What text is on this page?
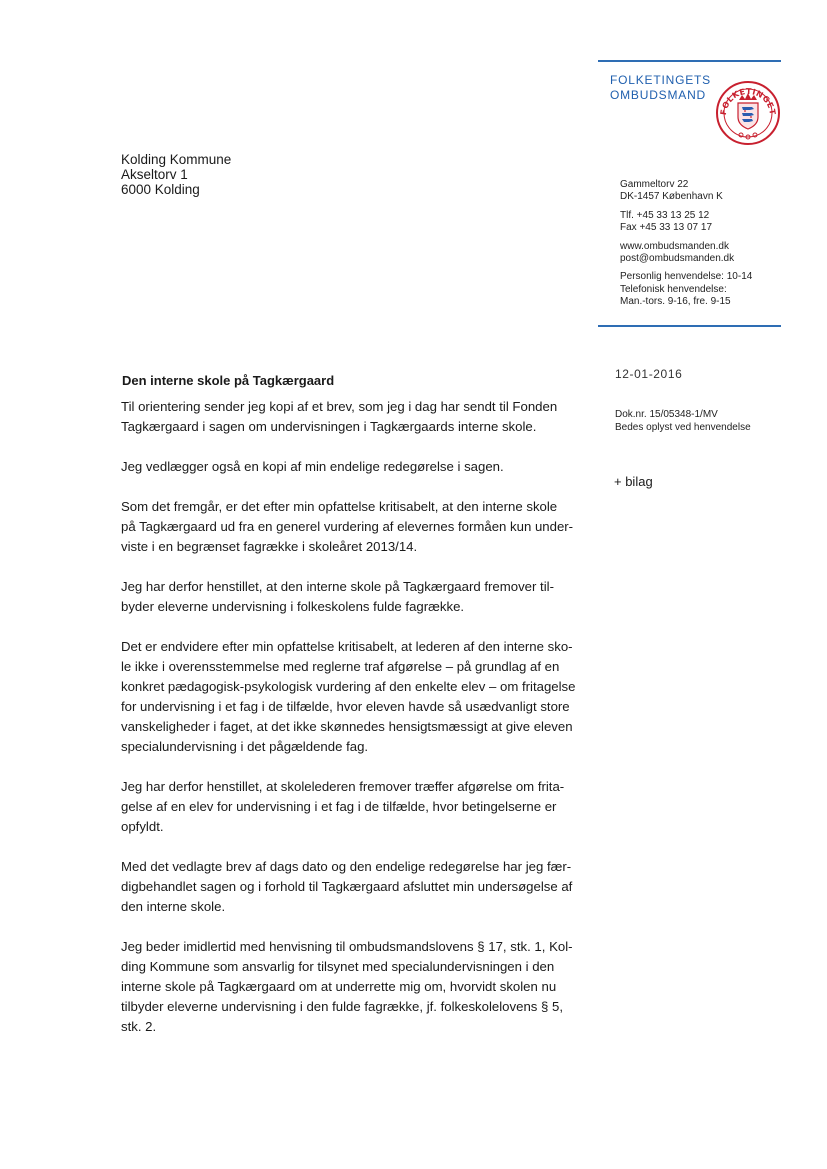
FOLKETINGETS
OMBUDSMAND
FOLKETINGET
Kolding Kommune
Akseltorv 1
6000 Kolding	Gammeltorv 22
DK-1457 København K
Tlf. +45 33 13 25 12
Fax +45 33 13 07 17
www.ombudsmanden.dk
post@ombudsmanden.dk
Personlig henvendelse: 10-14
Telefonisk henvendelse:
Man.-tors. 9-16, fre. 9-15
12-01-2016
Dok.nr. 15/05348-1/MV
Bedes oplyst ved henvendelse
+ bilag
Den interne skole på Tagkærgaard
Til orientering sender jeg kopi af et brev, som jeg i dag har sendt til Fonden
Tagkærgaard i sagen om undervisningen i Tagkærgaards interne skole.
Jeg vedlægger også en kopi af min endelige redegørelse i sagen.
Som det fremgår, er det efter min opfattelse kritisabelt, at den interne skole
på Tagkærgaard ud fra en generel vurdering af elevernes formåen kun under-
viste i en begrænset fagrække i skoleåret 2013/14.
Jeg har derfor henstillet, at den interne skole på Tagkærgaard fremover til-
byder eleverne undervisning i folkeskolens fulde fagrække.
Det er endvidere efter min opfattelse kritisabelt, at lederen af den interne sko-
le ikke i overensstemmelse med reglerne traf afgørelse – på grundlag af en
konkret pædagogisk-psykologisk vurdering af den enkelte elev – om fritagelse
for undervisning i et fag i de tilfælde, hvor eleven havde så usædvanligt store
vanskeligheder i faget, at det ikke skønnedes hensigtsmæssigt at give eleven
specialundervisning i det pågældende fag.
Jeg har derfor henstillet, at skolelederen fremover træffer afgørelse om frita-
gelse af en elev for undervisning i et fag i de tilfælde, hvor betingelserne er
opfyldt.
Med det vedlagte brev af dags dato og den endelige redegørelse har jeg fær-
digbehandlet sagen og i forhold til Tagkærgaard afsluttet min undersøgelse af
den interne skole.
Jeg beder imidlertid med henvisning til ombudsmandslovens § 17, stk. 1, Kol-
ding Kommune som ansvarlig for tilsynet med specialundervisningen i den
interne skole på Tagkærgaard om at underrette mig om, hvorvidt skolen nu
tilbyder eleverne undervisning i den fulde fagrække, jf. folkeskolelovens § 5,
stk. 2.
